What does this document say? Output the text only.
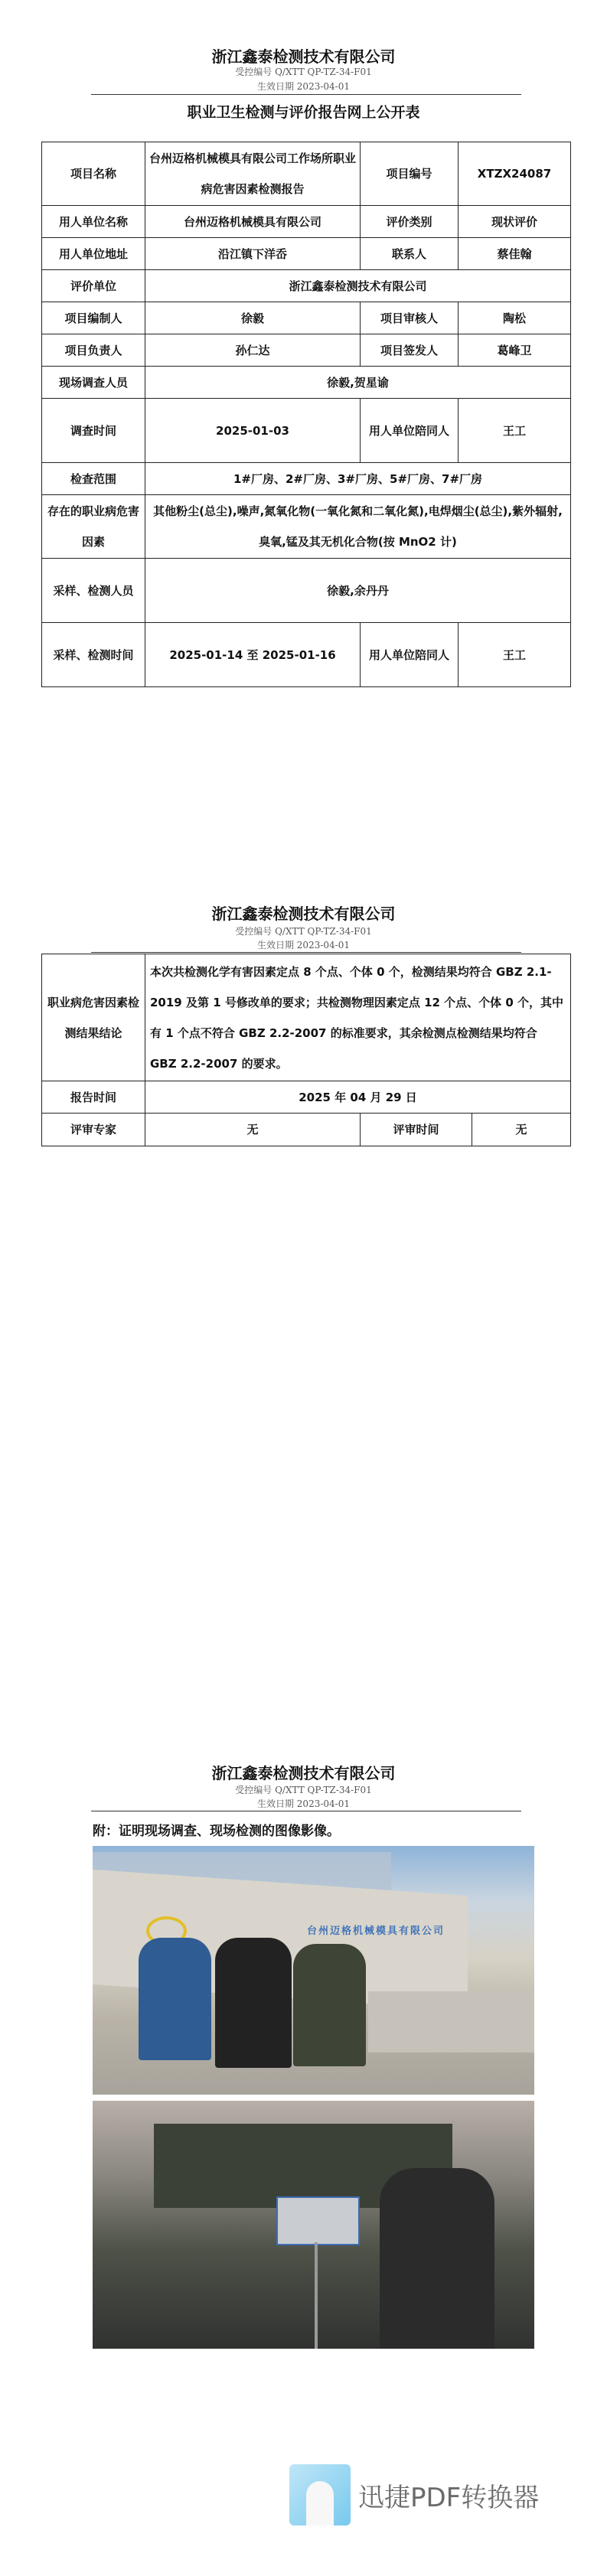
浙江鑫泰检测技术有限公司
受控编号 Q/XTT QP-TZ-34-F01
生效日期 2023-04-01
职业卫生检测与评价报告网上公开表
项目名称	台州迈格机械模具有限公司工作场所职业病危害因素检测报告	项目编号	XTZX24087
用人单位名称	台州迈格机械模具有限公司	评价类别	现状评价
用人单位地址	沿江镇下洋岙	联系人	蔡佳翰
评价单位	浙江鑫泰检测技术有限公司		
项目编制人	徐毅	项目审核人	陶松
项目负责人	孙仁达	项目签发人	葛峰卫
现场调查人员	徐毅,贺星谕		
调查时间	2025-01-03	用人单位陪同人	王工
检查范围	1#厂房、2#厂房、3#厂房、5#厂房、7#厂房		
存在的职业病危害因素	其他粉尘(总尘),噪声,氮氧化物(一氧化氮和二氧化氮),电焊烟尘(总尘),紫外辐射,臭氧,锰及其无机化合物(按 MnO2 计)		
采样、检测人员	徐毅,余丹丹		
采样、检测时间	2025-01-14 至 2025-01-16	用人单位陪同人	王工
浙江鑫泰检测技术有限公司
受控编号 Q/XTT QP-TZ-34-F01
生效日期 2023-04-01
职业病危害因素检测结果结论	本次共检测化学有害因素定点 8 个点、个体 0 个，检测结果均符合 GBZ 2.1-2019 及第 1 号修改单的要求；共检测物理因素定点 12 个点、个体 0 个，其中有 1 个点不符合 GBZ 2.2-2007 的标准要求，其余检测点检测结果均符合 GBZ 2.2-2007 的要求。		
报告时间	2025 年 04 月 29 日		
评审专家	无	评审时间	无
浙江鑫泰检测技术有限公司
受控编号 Q/XTT QP-TZ-34-F01
生效日期 2023-04-01
附：证明现场调查、现场检测的图像影像。
台州迈格机械模具有限公司
迅捷PDF转换器
